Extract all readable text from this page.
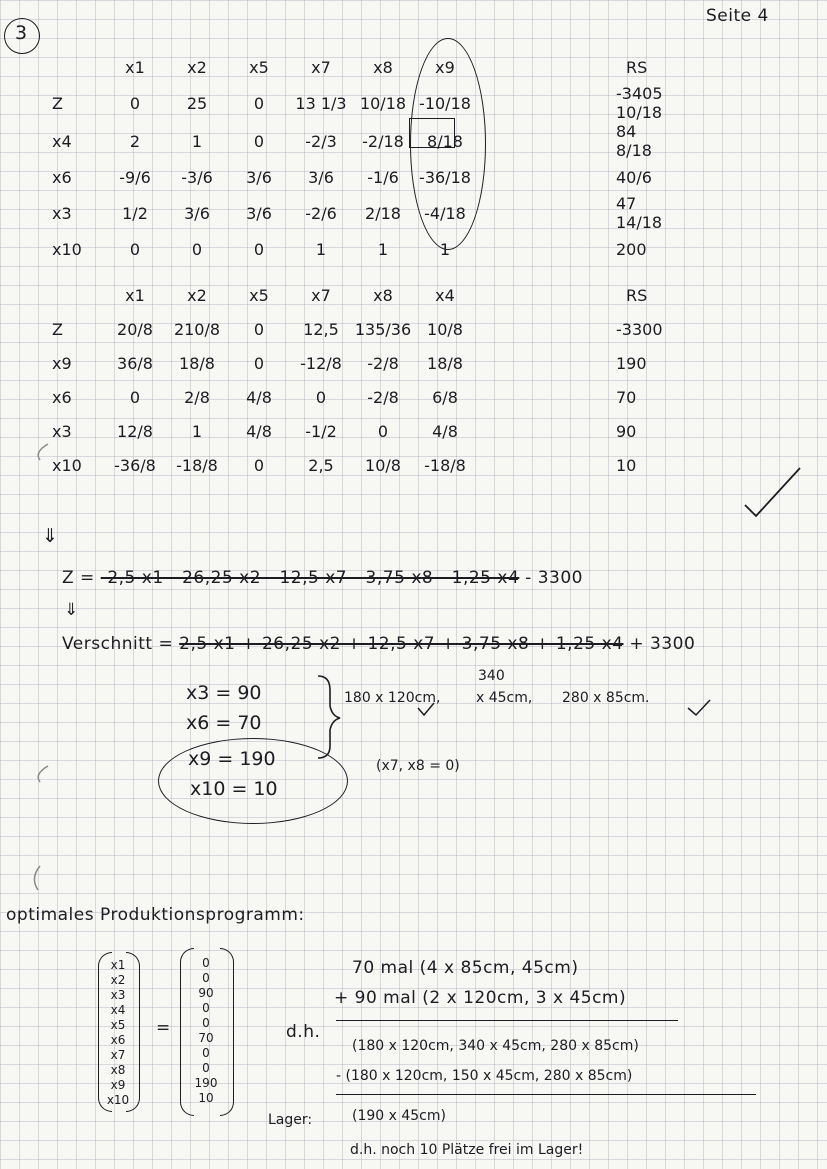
3
Seite 4
	x1	x2	x5	x7	x8	x9	RS
Z	0	25	0	13 1/3	10/18	-10/18	-3405 10/18
x4	2	1	0	-2/3	-2/18	8/18	84 8/18
x6	-9/6	-3/6	3/6	3/6	-1/6	-36/18	40/6
x3	1/2	3/6	3/6	-2/6	2/18	-4/18	47 14/18
x10	0	0	0	1	1	1	200
	x1	x2	x5	x7	x8	x4	RS
Z	20/8	210/8	0	12,5	135/36	10/8	-3300
x9	36/8	18/8	0	-12/8	-2/8	18/8	190
x6	0	2/8	4/8	0	-2/8	6/8	70
x3	12/8	1	4/8	-1/2	0	4/8	90
x10	-36/8	-18/8	0	2,5	10/8	-18/8	10
⇓
Z = -2,5 x1 - 26,25 x2 - 12,5 x7 - 3,75 x8 - 1,25 x4 - 3300
⇓
Verschnitt = 2,5 x1 + 26,25 x2 + 12,5 x7 + 3,75 x8 + 1,25 x4 + 3300
x3 = 90
x6 = 70
x9 = 190
x10 = 10
(x7, x8 = 0)
180 x 120cm,
340
x 45cm, 280 x 85cm.
optimales Produktionsprogramm:
x1
x2
x3
x4
x5
x6
x7
x8
x9
x10
=
0
0
90
0
0
70
0
0
190
10
70 mal (4 x 85cm, 45cm)
+ 90 mal (2 x 120cm, 3 x 45cm)
d.h.
(180 x 120cm, 340 x 45cm, 280 x 85cm)
- (180 x 120cm, 150 x 45cm, 280 x 85cm)
Lager:	(190 x 45cm)
d.h. noch 10 Plätze frei im Lager!
